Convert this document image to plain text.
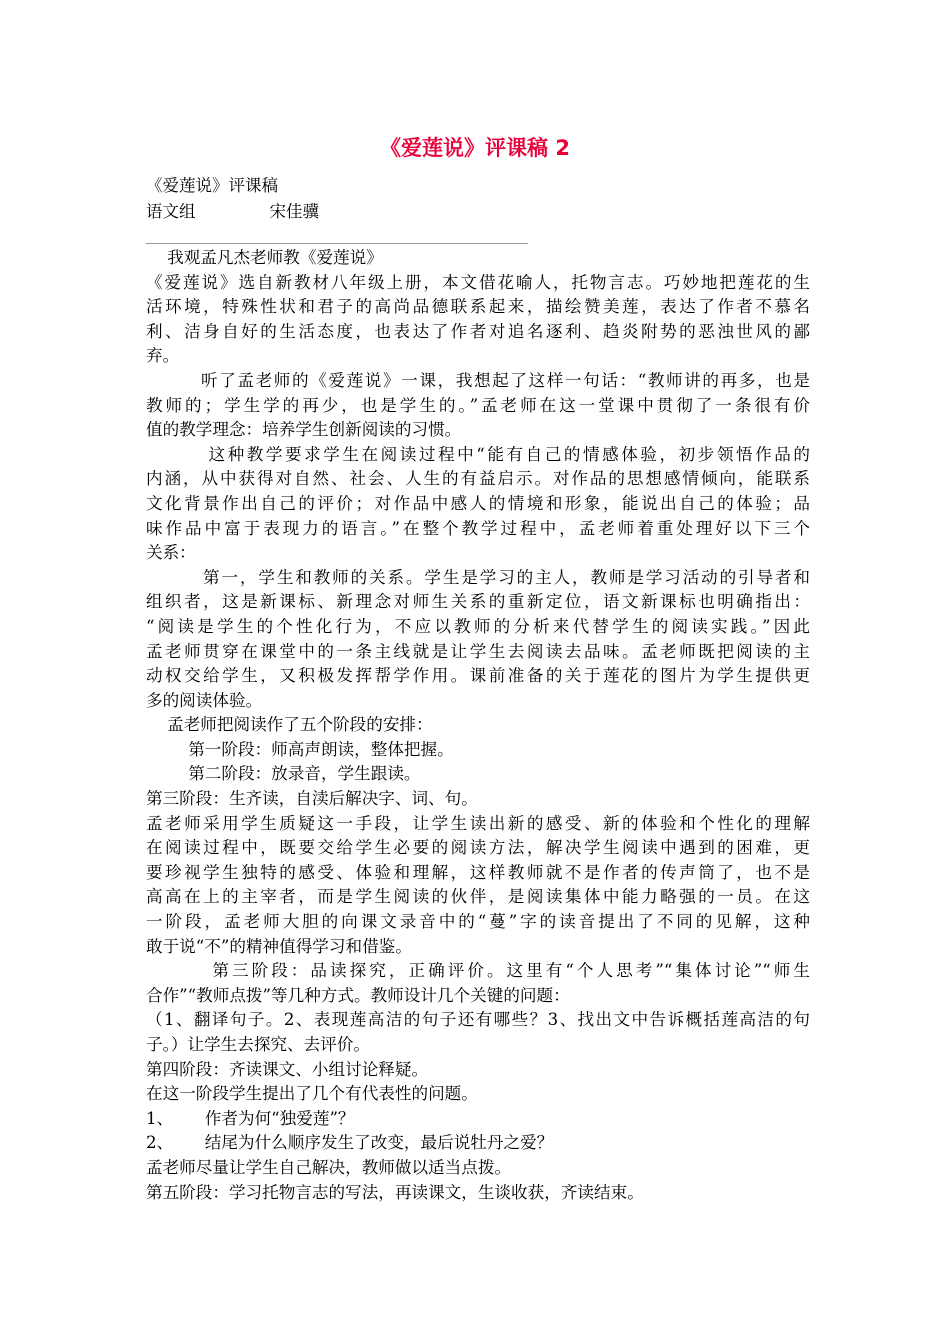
《爱莲说》评课稿 2
《爱莲说》评课稿
语文组	宋佳骥
我观孟凡杰老师教《爱莲说》
《爱莲说》选自新教材八年级上册，本文借花喻人，托物言志。巧妙地把莲花的生
活环境，特殊性状和君子的高尚品德联系起来，描绘赞美莲，表达了作者不慕名
利、洁身自好的生活态度，也表达了作者对追名逐利、趋炎附势的恶浊世风的鄙
弃。
听了孟老师的《爱莲说》一课，我想起了这样一句话：“教师讲的再多，也是
教师的；学生学的再少，也是学生的。”孟老师在这一堂课中贯彻了一条很有价
值的教学理念：培养学生创新阅读的习惯。
这种教学要求学生在阅读过程中“能有自己的情感体验，初步领悟作品的
内涵，从中获得对自然、社会、人生的有益启示。对作品的思想感情倾向，能联系
文化背景作出自己的评价；对作品中感人的情境和形象，能说出自己的体验；品
味作品中富于表现力的语言。”在整个教学过程中，孟老师着重处理好以下三个
关系：
第一，学生和教师的关系。学生是学习的主人，教师是学习活动的引导者和
组织者，这是新课标、新理念对师生关系的重新定位，语文新课标也明确指出：
“阅读是学生的个性化行为，不应以教师的分析来代替学生的阅读实践。”因此
孟老师贯穿在课堂中的一条主线就是让学生去阅读去品味。孟老师既把阅读的主
动权交给学生，又积极发挥帮学作用。课前准备的关于莲花的图片为学生提供更
多的阅读体验。
孟老师把阅读作了五个阶段的安排：
第一阶段：师高声朗读，整体把握。
第二阶段：放录音，学生跟读。
第三阶段：生齐读，自渎后解决字、词、句。
孟老师采用学生质疑这一手段，让学生读出新的感受、新的体验和个性化的理解
在阅读过程中，既要交给学生必要的阅读方法，解决学生阅读中遇到的困难，更
要珍视学生独特的感受、体验和理解，这样教师就不是作者的传声筒了，也不是
高高在上的主宰者，而是学生阅读的伙伴，是阅读集体中能力略强的一员。在这
一阶段，孟老师大胆的向课文录音中的“蔓”字的读音提出了不同的见解，这种
敢于说“不”的精神值得学习和借鉴。
第三阶段：品读探究，正确评价。这里有“个人思考”“集体讨论”“师生
合作”“教师点拨”等几种方式。教师设计几个关键的问题：
（1、翻译句子。2、表现莲高洁的句子还有哪些？3、找出文中告诉概括莲高洁的句
子。）让学生去探究、去评价。
第四阶段：齐读课文、小组讨论释疑。
在这一阶段学生提出了几个有代表性的问题。
1、      作者为何“独爱莲”？
2、      结尾为什么顺序发生了改变，最后说牡丹之爱？
孟老师尽量让学生自己解决，教师做以适当点拨。
第五阶段：学习托物言志的写法，再读课文，生谈收获，齐读结束。
